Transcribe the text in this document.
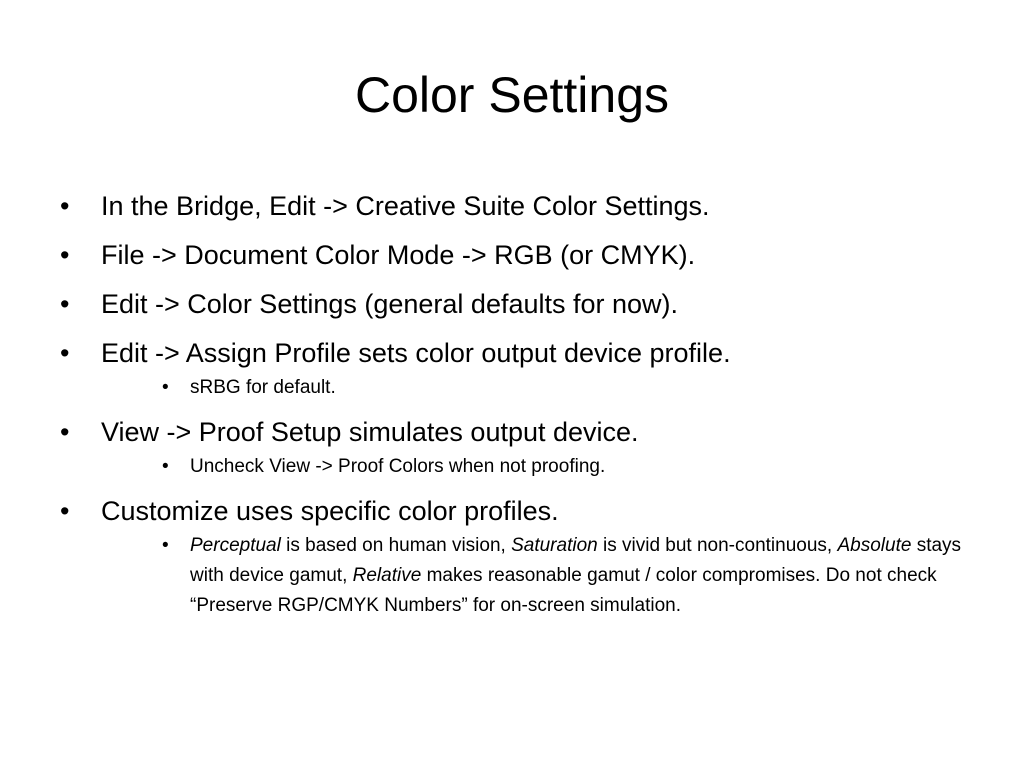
Color Settings
• In the Bridge, Edit -> Creative Suite Color Settings.
• File -> Document Color Mode -> RGB (or CMYK).
• Edit -> Color Settings (general defaults for now).
• Edit -> Assign Profile sets color output device profile.
• sRBG for default.
• View -> Proof Setup simulates output device.
• Uncheck View -> Proof Colors when not proofing.
• Customize uses specific color profiles.
• Perceptual is based on human vision, Saturation is vivid but non-continuous, Absolute stays with device gamut, Relative makes reasonable gamut / color compromises. Do not check “Preserve RGP/CMYK Numbers” for on-screen simulation.
